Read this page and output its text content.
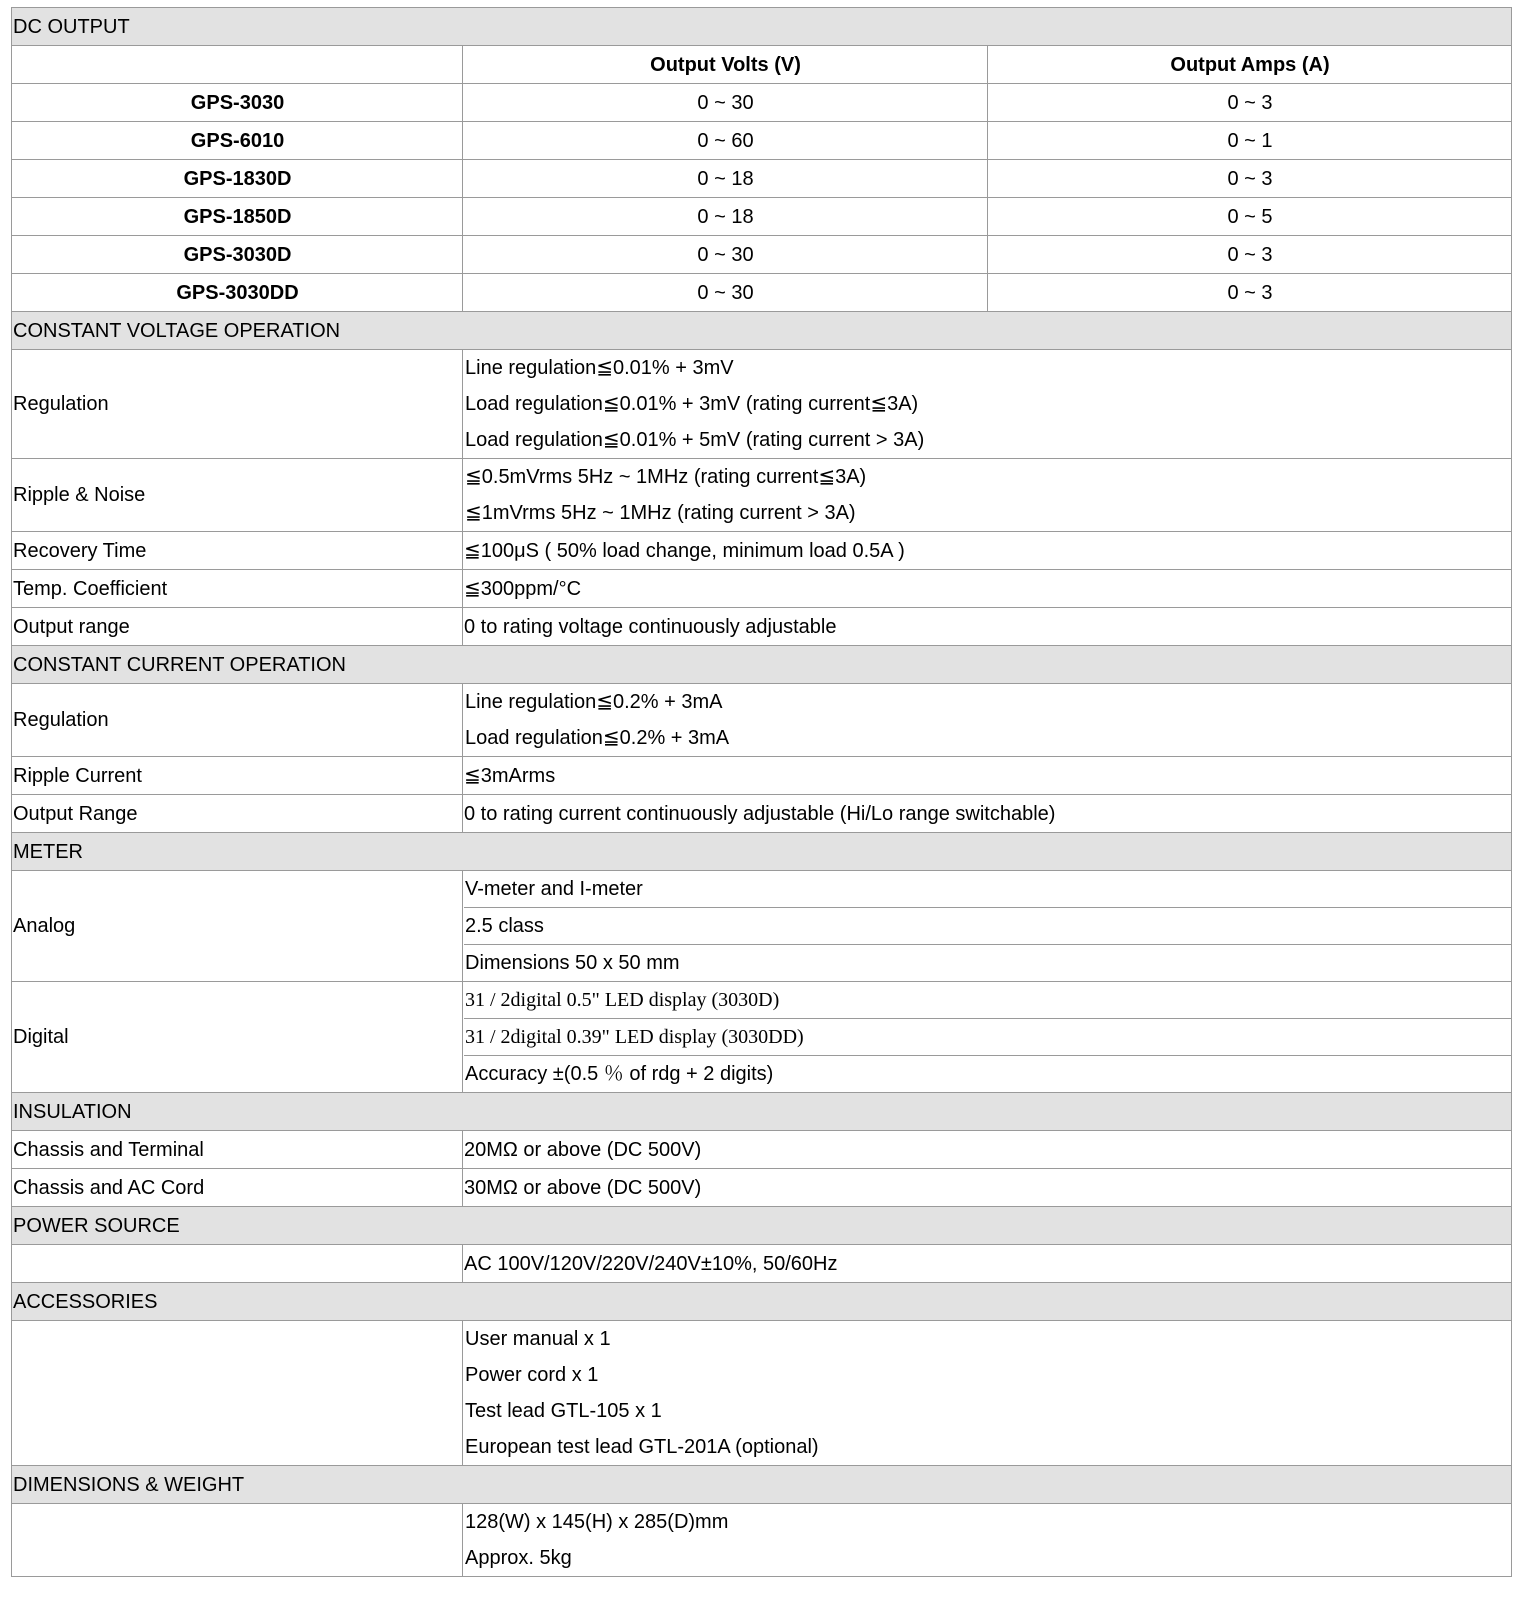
DC OUTPUT		
	Output Volts (V)	Output Amps (A)
GPS-3030	0 ~ 30	0 ~ 3
GPS-6010	0 ~ 60	0 ~ 1
GPS-1830D	0 ~ 18	0 ~ 3
GPS-1850D	0 ~ 18	0 ~ 5
GPS-3030D	0 ~ 30	0 ~ 3
GPS-3030DD	0 ~ 30	0 ~ 3
CONSTANT VOLTAGE OPERATION		
Regulation	Line regulation≦0.01% + 3mV
Load regulation≦0.01% + 3mV (rating current≦3A)
Load regulation≦0.01% + 5mV (rating current > 3A)	

Ripple & Noise	≦0.5mVrms 5Hz ~ 1MHz (rating current≦3A)
≦1mVrms 5Hz ~ 1MHz (rating current > 3A)	

Recovery Time	≦100μS ( 50% load change, minimum load 0.5A )	
Temp. Coefficient	≦300ppm/°C	
Output range	0 to rating voltage continuously adjustable	
CONSTANT CURRENT OPERATION		
Regulation	Line regulation≦0.2% + 3mA
Load regulation≦0.2% + 3mA	

Ripple Current	≦3mArms	
Output Range	0 to rating current continuously adjustable (Hi/Lo range switchable)	
METER		
Analog	V-meter and I-meter
2.5 class
Dimensions 50 x 50 mm	

Digital	31 / 2digital 0.5" LED display (3030D)
31 / 2digital 0.39" LED display (3030DD)
Accuracy ±(0.5 ％ of rdg + 2 digits)	

INSULATION		
Chassis and Terminal	20MΩ or above (DC 500V)	
Chassis and AC Cord	30MΩ or above (DC 500V)	
POWER SOURCE		
	AC 100V/120V/220V/240V±10%, 50/60Hz	
ACCESSORIES		

	User manual x 1
Power cord x 1
Test lead GTL-105 x 1
European test lead GTL-201A (optional)	

DIMENSIONS & WEIGHT		

	128(W) x 145(H) x 285(D)mm
Approx. 5kg	
